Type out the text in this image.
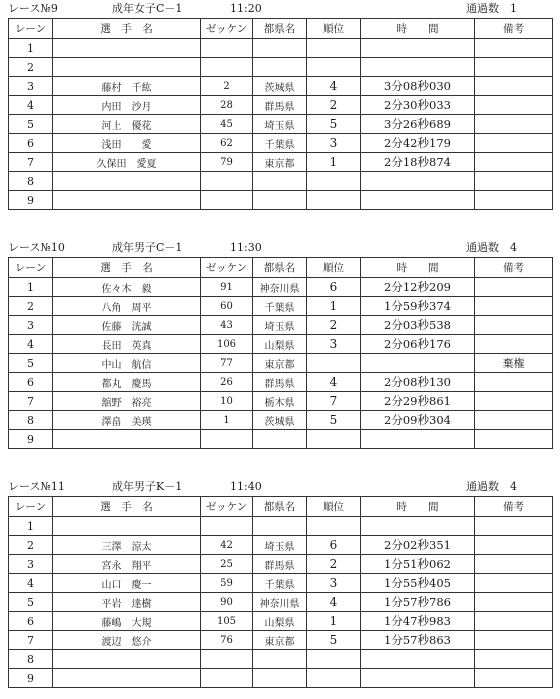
レース№9	成年女子C－1	11:20	通過数　1
レーン	選　手　名	ゼッケン	都県名	順位	時　　間	備考
1						
2						
3	藤村　千紘	2	茨城県	4	3分08秒030	
4	内田　沙月	28	群馬県	2	2分30秒033	
5	河上　優花	45	埼玉県	5	3分26秒689	
6	浅田　　愛	62	千葉県	3	2分42秒179	
7	久保田　愛夏	79	東京都	1	2分18秒874	
8						
9						
レース№10	成年男子C－1	11:30	通過数　4
レーン	選　手　名	ゼッケン	都県名	順位	時　　間	備考
1	佐々木　毅	91	神奈川県	6	2分12秒209	
2	八角　周平	60	千葉県	1	1分59秒374	
3	佐藤　洸誠	43	埼玉県	2	2分03秒538	
4	長田　英真	106	山梨県	3	2分06秒176	
5	中山　航信	77	東京都			棄権
6	都丸　慶馬	26	群馬県	4	2分08秒130	
7	舘野　裕亮	10	栃木県	7	2分29秒861	
8	澤畠　美瑛	1	茨城県	5	2分09秒304	
9						
レース№11	成年男子K－1	11:40	通過数　4
レーン	選　手　名	ゼッケン	都県名	順位	時　　間	備考
1						
2	三澤　涼太	42	埼玉県	6	2分02秒351	
3	宮永　翔平	25	群馬県	2	1分51秒062	
4	山口　慶一	59	千葉県	3	1分55秒405	
5	平岩　達樹	90	神奈川県	4	1分57秒786	
6	藤嶋　大規	105	山梨県	1	1分47秒983	
7	渡辺　悠介	76	東京都	5	1分57秒863	
8						
9						
